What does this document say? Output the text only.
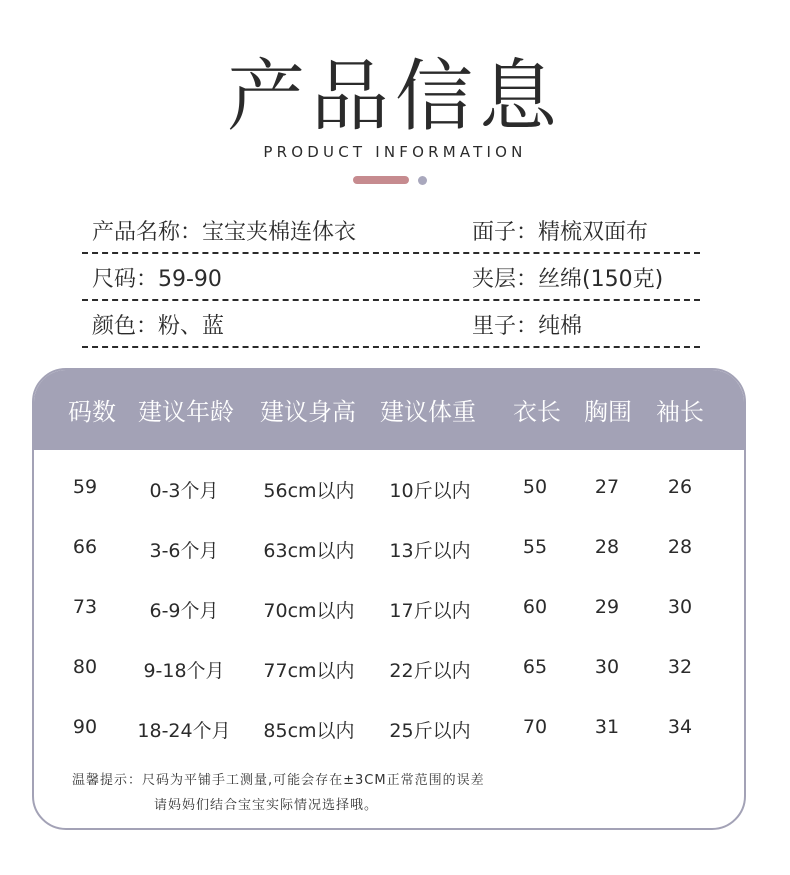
产品信息
PRODUCT INFORMATION
产品名称：宝宝夹棉连体衣	面子：精梳双面布
尺码：59-90	夹层：丝绵(150克)
颜色：粉、蓝	里子：纯棉
码数 建议年龄 建议身高 建议体重 衣长 胸围 袖长
59	0-3个月 56cm以内 10斤以内	50	27	26
66	3-6个月 63cm以内 13斤以内	55	28	28
73	6-9个月 70cm以内 17斤以内	60	29	30
80 9-18个月 77cm以内 22斤以内	65	30	32
90 18-24个月 85cm以内 25斤以内	70	31	34
温馨提示：尺码为平铺手工测量,可能会存在±3CM正常范围的误差
请妈妈们结合宝宝实际情况选择哦。
